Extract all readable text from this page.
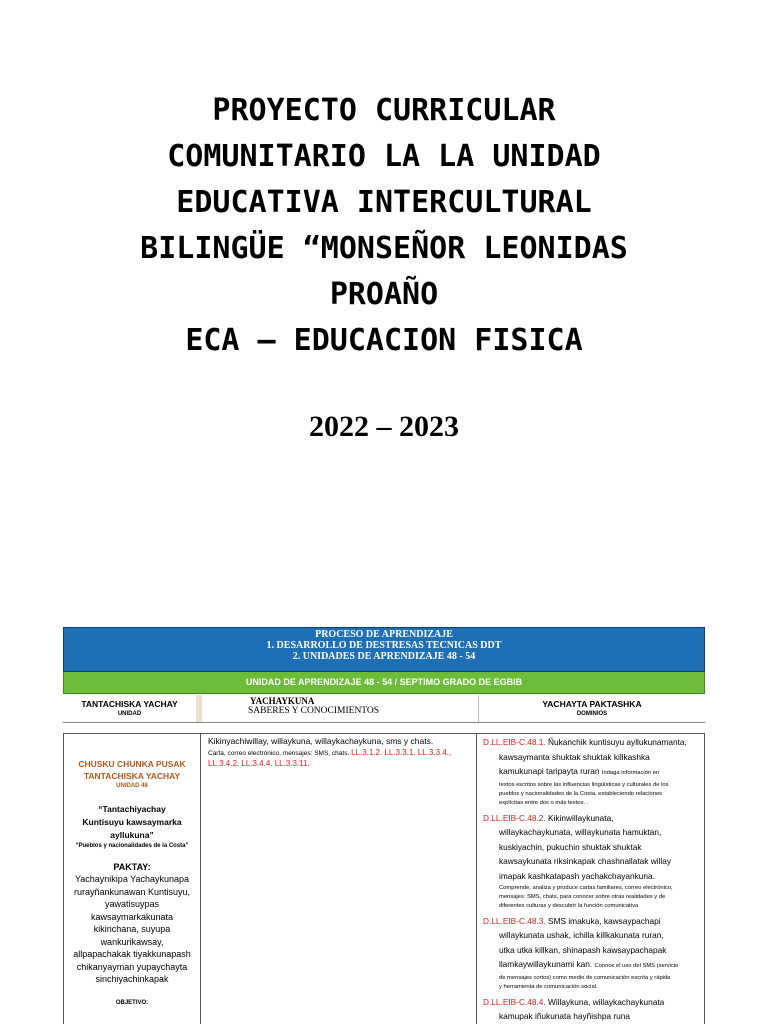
PROYECTO CURRICULAR
COMUNITARIO LA LA UNIDAD
EDUCATIVA INTERCULTURAL
BILINGÜE “MONSEÑOR LEONIDAS
PROAÑO
ECA – EDUCACION FISICA
2022 – 2023
PROCESO DE APRENDIZAJE
1. DESARROLLO DE DESTRESAS TECNICAS DDT
2. UNIDADES DE APRENDIZAJE 48 - 54
UNIDAD DE APRENDIZAJE 48 - 54 / SEPTIMO GRADO DE EGBIB
TANTACHISKA YACHAY
UNIDAD
YACHAYKUNA
SABERES Y CONOCIMIENTOS
YACHAYTA PAKTASHKA
DOMINIOS
CHUSKU CHUNKA PUSAK
TANTACHISKA YACHAY
UNIDAD 48
“Tantachiyachay
Kuntisuyu kawsaymarka
ayllukuna”
“Pueblos y nacionalidades de la Costa”
PAKTAY:
Yachaynikipa Yachaykunapa
rurayñankunawan Kuntisuyu,
yawatisuypas
kawsaymarkakunata
kikinchana, suyupa
wankurikawsay,
allpapachakak tiyakkunapash
chikanyayman yupaychayta
sinchiyachinkapak
OBJETIVO:
Kikinyachiwillay, willaykuna, willaykachaykuna, sms y chats.
Carta, correo electrónico, mensajes: SMS, chats. LL.3.1.2. LL.3.3.1. LL.3.3.4.,
LL.3.4.2. LL.3.4.4. LL.3.3.11.
D.LL.EIB-C.48.1. Ñukanchik kuntisuyu ayllukunamanta,
kawsaymanta shuktak shuktak killkashka
kamukunapi taripayta ruran Indaga información en
textos escritos sobre las influencias lingüísticas y culturales de los
pueblos y nacionalidades de la Costa, estableciendo relaciones
explícitas entre dos o más textos. .
D.LL.EIB-C.48.2. Kikinwillaykunata,
willaykachaykunata, willaykunata hamuktan,
kuskiyachin, pukuchin shuktak shuktak
kawsaykunata riksinkapak chashnallatak willay
imapak kashkatapash yachakchayankuna.
Comprende, analiza y produce cartas familiares, correo electrónico,
mensajes: SMS, chats, para conocer sobre otras realidades y de
diferentes culturas y descubrir la función comunicativa
D.LL.EIB-C.48.3. SMS imakuka, kawsaypachapi
willaykunata ushak, ichilla killkakunata ruran,
utka utka killkan, shinapash kawsaypachapak
llamkaywillaykunami kan. Conoce el uso del SMS (servicio
de mensajes cortos) como medio de comunicación escrita y rápida
y herramienta de comunicación social.
D.LL.EIB-C.48.4. Willaykuna, willaykachaykunata
kamupak iñukunata hayñishpa runa
